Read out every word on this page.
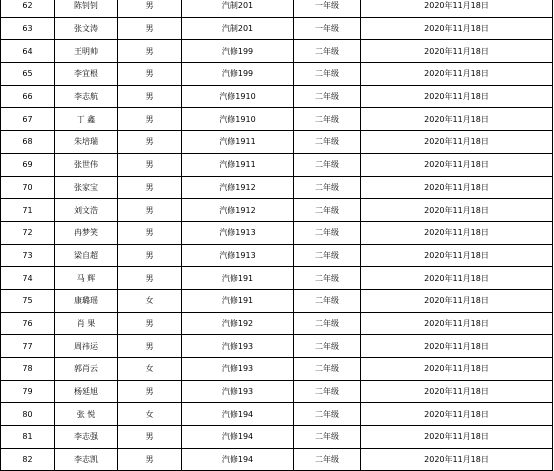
62	陈钊钊	男	汽制201	一年级	2020年11月18日
63	张文涛	男	汽制201	一年级	2020年11月18日
64	王明帅	男	汽修199	二年级	2020年11月18日
65	李宜根	男	汽修199	二年级	2020年11月18日
66	李志航	男	汽修1910	二年级	2020年11月18日
67	丁 鑫	男	汽修1910	二年级	2020年11月18日
68	朱培瑞	男	汽修1911	二年级	2020年11月18日
69	张世伟	男	汽修1911	二年级	2020年11月18日
70	张家宝	男	汽修1912	二年级	2020年11月18日
71	刘文浩	男	汽修1912	二年级	2020年11月18日
72	冉梦笑	男	汽修1913	二年级	2020年11月18日
73	梁自超	男	汽修1913	二年级	2020年11月18日
74	马 辉	男	汽修191	二年级	2020年11月18日
75	康璐瑶	女	汽修191	二年级	2020年11月18日
76	肖 果	男	汽修192	二年级	2020年11月18日
77	周祎运	男	汽修193	二年级	2020年11月18日
78	郭肖云	女	汽修193	二年级	2020年11月18日
79	杨延旭	男	汽修193	二年级	2020年11月18日
80	张 悦	女	汽修194	二年级	2020年11月18日
81	李志强	男	汽修194	二年级	2020年11月18日
82	李志凯	男	汽修194	二年级	2020年11月18日
